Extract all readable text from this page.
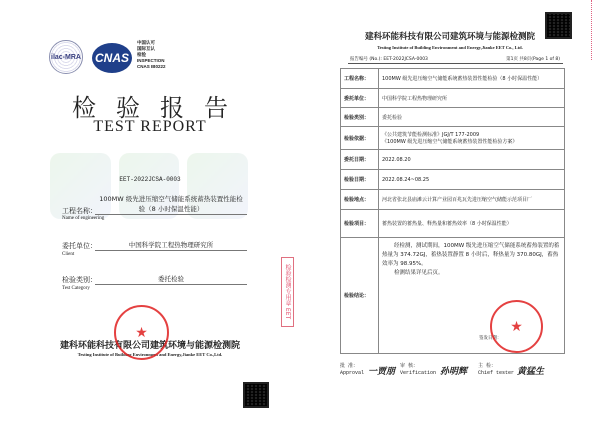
ilac-MRA CNAS
中国认可
国际互认
检验
INSPECTION
CNAS IB0222
检验报告
TEST REPORT
EET-2022JCSA-0003
100MW 级先进压缩空气储能系统蓄热装置性能检
工程名称：	验（8 小时保温性能）
Name of engineering
委托单位：	中国科学院工程热物理研究所
Client
检验类别：	委托检验
Test Category
建科环能科技有限公司建筑环境与能源检测院
Testing Institute of Building Environment and Energy,Jianke EET Co.,Ltd.
★
检验检测专用章 EET
建科环能科技有限公司建筑环境与能源检测院
Testing Institute of Building Environment and Energy,Jianke EET Co., Ltd.
报告编号 (No.): EET-2022JCSA-0003	第1页 共8页(Page 1 of 8)
工程名称：	100MW 级先进压缩空气储能系统蓄热装置性能检验（8 小时保温性能）
委托单位：	中国科学院工程热物理研究所
检验类别：	委托检验
检验依据：	《公共建筑节能检测标准》JGJ/T 177-2009
《100MW 级先进压缩空气储能系统蓄热装置性能检验方案》

委托日期：	2022.08.20
检验日期：	2022.08.24~08.25
检验地点：	河北省张北县庙滩云计算产业园百兆瓦先进压缩空气储能示范项目厂
检验项目：	蓄热装置的蓄热量、释热量和蓄热效率（8 小时保温性能）
检验结论：	经检测，测试期间，100MW 级先进压缩空气储能系统蓄热装置的蓄热量为 374.72GJ，蓄热装置静置 8 小时后，释热量为 370.80GJ，蓄热效率为 98.95%。
检测结果详见后页。
签发日期：
★
批 准：
Approval 一贾朋
审 核：
Verification 孙明辉
主 检：
Chief tester 黄猛生
